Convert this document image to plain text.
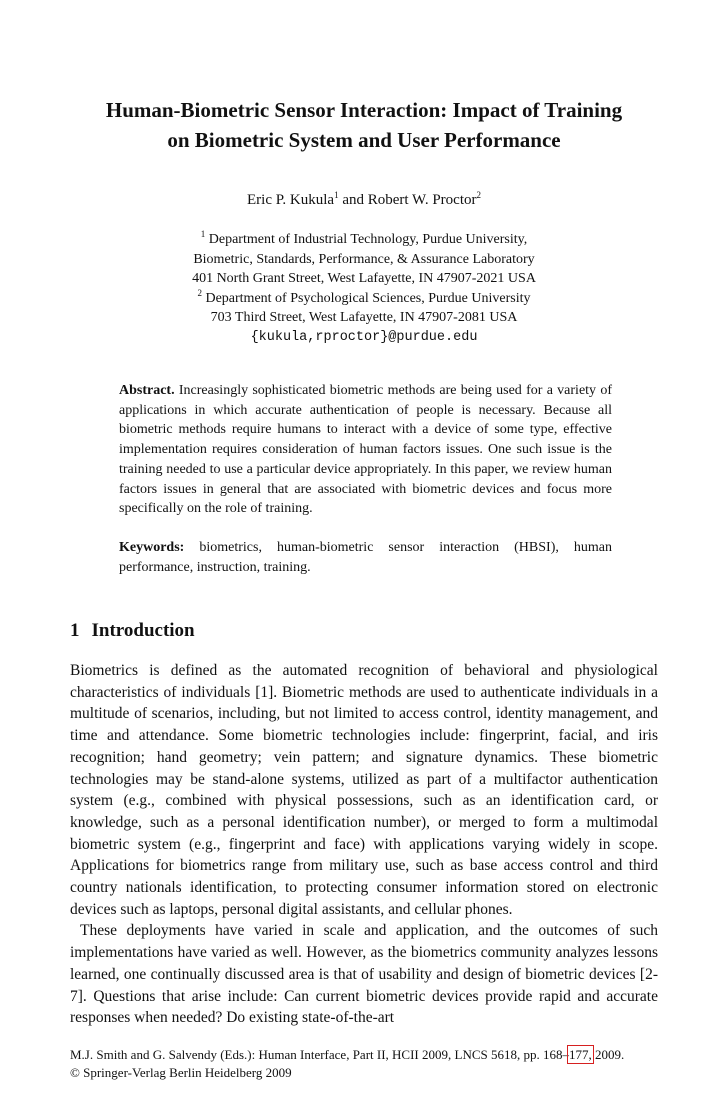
Human-Biometric Sensor Interaction: Impact of Training
on Biometric System and User Performance
Eric P. Kukula$^1$ and Robert W. Proctor$^2$
$^1$ Department of Industrial Technology, Purdue University,
Biometric, Standards, Performance, & Assurance Laboratory
401 North Grant Street, West Lafayette, IN 47907-2021 USA
$^2$ Department of Psychological Sciences, Purdue University
703 Third Street, West Lafayette, IN 47907-2081 USA
{kukula,rproctor}@purdue.edu
Abstract. Increasingly sophisticated biometric methods are being used for a variety of applications in which accurate authentication of people is necessary. Because all biometric methods require humans to interact with a device of some type, effective implementation requires consideration of human factors issues. One such issue is the training needed to use a particular device appropriately. In this paper, we review human factors issues in general that are associated with biometric devices and focus more specifically on the role of training.
Keywords: biometrics, human-biometric sensor interaction (HBSI), human performance, instruction, training.
1 Introduction

Biometrics is defined as the automated recognition of behavioral and physiological characteristics of individuals [1]. Biometric methods are used to authenticate individuals in a multitude of scenarios, including, but not limited to access control, identity management, and time and attendance. Some biometric technologies include: fingerprint, facial, and iris recognition; hand geometry; vein pattern; and signature dynamics. These biometric technologies may be stand-alone systems, utilized as part of a multifactor authentication system (e.g., combined with physical possessions, such as an identification card, or knowledge, such as a personal identification number), or merged to form a multimodal biometric system (e.g., fingerprint and face) with applications varying widely in scope. Applications for biometrics range from military use, such as base access control and third country nationals identification, to protecting consumer information stored on electronic devices such as laptops, personal digital assistants, and cellular phones.

These deployments have varied in scale and application, and the outcomes of such implementations have varied as well. However, as the biometrics community analyzes lessons learned, one continually discussed area is that of usability and design of biometric devices [2-7]. Questions that arise include: Can current biometric devices provide rapid and accurate responses when needed? Do existing state-of-the-art

M.J. Smith and G. Salvendy (Eds.): Human Interface, Part II, HCII 2009, LNCS 5618, pp. 168–177, 2009.
© Springer-Verlag Berlin Heidelberg 2009
